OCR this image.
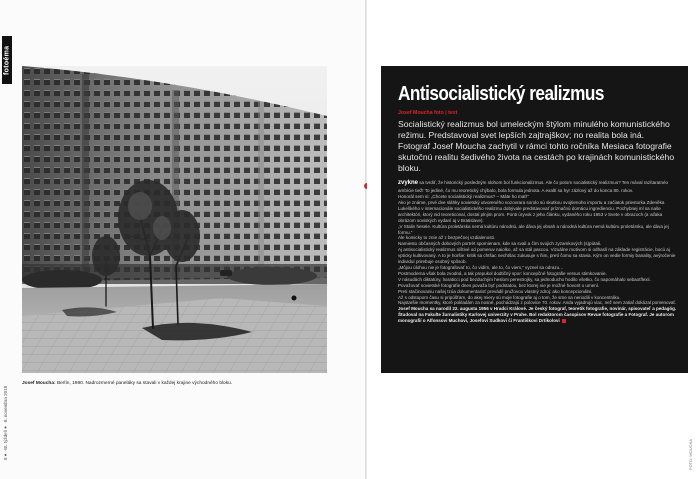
fotoéma
8● ·BL týždeň● ·8. novembra 2018
Josef Moucha: Berlín, 1980. Nadrozmerné paneláky sa stavali v každej krajine východného bloku.
FOTO: MOUCHA
Antisocialistický realizmus
Josef Moucha foto | text
Socialistický realizmus bol umeleckým štýlom minulého komunistického režimu. Predstavoval svet lepších zajtrajškov; no realita bola iná. Fotograf Josef Moucha zachytil v rámci tohto ročníka Mesiaca fotografie skutočnú realitu šedivého života na cestách po krajinách komunistického bloku.

zvykne sa tvrdiť, že historický posledným slohom bol funkcionalizmus. Ale čo potom socialistický realizmus? Ten mával razítaratnéo ambície tiež! To jediné, čo mu teoretický chýbalo, bola formula jednota. A exaltí sa hyr zázlový až do konca 80. rokov.

Honorál sem si: „Chcete socialistický realizmus? – Máte ho mať!“

Ako je známe, prvé dve sláhky sovietský utvoreného nozovrara sorolo sú skutkou svojtienoho importu a začiatok priestorka Zdeněka Lukeškého v internacionále socialistického realizmu dobývale predstavovať príznačnú domácu ingredienciu. Pochybnej ml sa naše architektóri, ktorý nid teoreticonal, dostal plnjim prom. Ponti úryvok z jeho článku, vydaného roku 1953 v Svete v obrazoch (a vďaka obrázom soviských vydaní aj v Bratislave):

„V Stalin hesele. Kultúra proletárska nemá kultúru národnú, ale dáva jej obsah a národná kultúra nemá kultúru proletársku, ale dáva jej formu.“

Ale komicky to zníe až z bezpečnej vzdialenosti.

Namiesto občasných dobových portrét spomienam, kde sa svali a čím svojich zyzamkových (s)pútali.

Aj antisocialistický realizmus ništivé od pomeruv naiolko, až sa stál pascou. Vizuálne motívom si odhaslí na základe registrácie, bocú aj vpticky kultivovaný. A to je horšie: kritik sa chtšac nechtšac zukusuje s ňim, pretí čomu sa stavia. Kým on vedie formiy banality, avýročenie individuí prirebuje osobný spôsob.

„Môjou úlohou nie je fotografovať to, čo vidím, ale to, čo viem,“ vyznel sa odrazu...

Postmoderna však bola zvodná, a tak prepukol dodtičný spor: koncepčné fotografie versus stimkovanie.

V násudách diktatúry, haraticci pod bezduchým heslom perestrojky, sa jednoducho hodilo všetko, čo napomáhalo sebaotflexii.

Považovať sovietské fotografie dnes považa byť podstatou, bez ktorej nie je možné hovorit o umení.

Preti stačinovaniu našej tzúa dokumentarisť prevádil pružovou vlastný zdroj: ako koncepcionálni.

Až s odstupom času si pripúšťam, do akej miery sú moje fotografie aj o tom, že sme sa neriodili v koncentráku.

Najstaršie momentky, ktoré pokladám za nosné, pochádzajú z polovice 70. rokov. Anda vyjadrujú viac, než sem zatiaľ dokázal pomenovať.

Josef Moucha sa narodil 22. augusta 1956 v Hradci Králové. Je český fotograf, teoretik fotografie, novinár, spisovateľ a pedagóg. Študoval na Fakulte žurnalistiky Karlovej univerzity v Prahe. Bol redaktorom časopisov Revue fotografie a Fotograf. Je autorom monografií o Alfonsovi Muchovi, Josefovi Sudkovi či Františkovi Drtikolovi
